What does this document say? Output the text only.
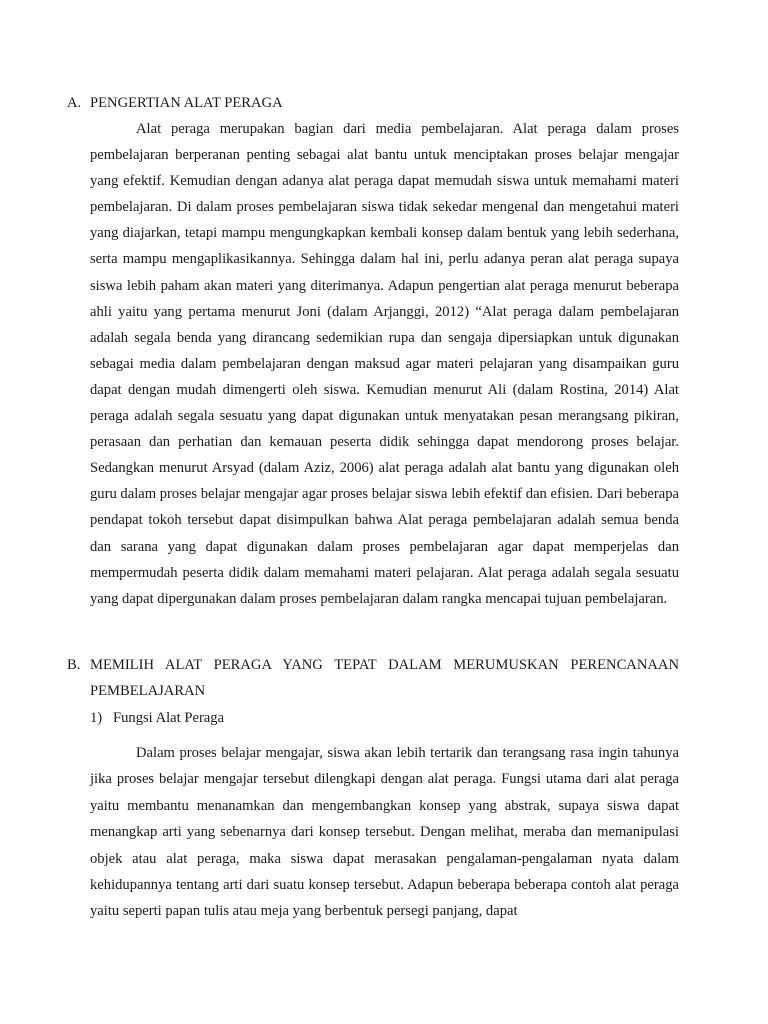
A. PENGERTIAN ALAT PERAGA

Alat peraga merupakan bagian dari media pembelajaran. Alat peraga dalam proses pembelajaran berperanan penting sebagai alat bantu untuk menciptakan proses belajar mengajar yang efektif. Kemudian dengan adanya alat peraga dapat memudah siswa untuk memahami materi pembelajaran. Di dalam proses pembelajaran siswa tidak sekedar mengenal dan mengetahui materi yang diajarkan, tetapi mampu mengungkapkan kembali konsep dalam bentuk yang lebih sederhana, serta mampu mengaplikasikannya. Sehingga dalam hal ini, perlu adanya peran alat peraga supaya siswa lebih paham akan materi yang diterimanya. Adapun pengertian alat peraga menurut beberapa ahli yaitu yang pertama menurut Joni (dalam Arjanggi, 2012) “Alat peraga dalam pembelajaran adalah segala benda yang dirancang sedemikian rupa dan sengaja dipersiapkan untuk digunakan sebagai media dalam pembelajaran dengan maksud agar materi pelajaran yang disampaikan guru dapat dengan mudah dimengerti oleh siswa. Kemudian menurut Ali (dalam Rostina, 2014) Alat peraga adalah segala sesuatu yang dapat digunakan untuk menyatakan pesan merangsang pikiran, perasaan dan perhatian dan kemauan peserta didik sehingga dapat mendorong proses belajar. Sedangkan menurut Arsyad (dalam Aziz, 2006) alat peraga adalah alat bantu yang digunakan oleh guru dalam proses belajar mengajar agar proses belajar siswa lebih efektif dan efisien. Dari beberapa pendapat tokoh tersebut dapat disimpulkan bahwa Alat peraga pembelajaran adalah semua benda dan sarana yang dapat digunakan dalam proses pembelajaran agar dapat memperjelas dan mempermudah peserta didik dalam memahami materi pelajaran. Alat peraga adalah segala sesuatu yang dapat dipergunakan dalam proses pembelajaran dalam rangka mencapai tujuan pembelajaran.

B. MEMILIH ALAT PERAGA YANG TEPAT DALAM MERUMUSKAN PERENCANAAN
PEMBELAJARAN
1) Fungsi Alat Peraga

Dalam proses belajar mengajar, siswa akan lebih tertarik dan terangsang rasa ingin tahunya jika proses belajar mengajar tersebut dilengkapi dengan alat peraga. Fungsi utama dari alat peraga yaitu membantu menanamkan dan mengembangkan konsep yang abstrak, supaya siswa dapat menangkap arti yang sebenarnya dari konsep tersebut. Dengan melihat, meraba dan memanipulasi objek atau alat peraga, maka siswa dapat merasakan pengalaman-pengalaman nyata dalam kehidupannya tentang arti dari suatu konsep tersebut. Adapun beberapa beberapa contoh alat peraga yaitu seperti papan tulis atau meja yang berbentuk persegi panjang, dapat
